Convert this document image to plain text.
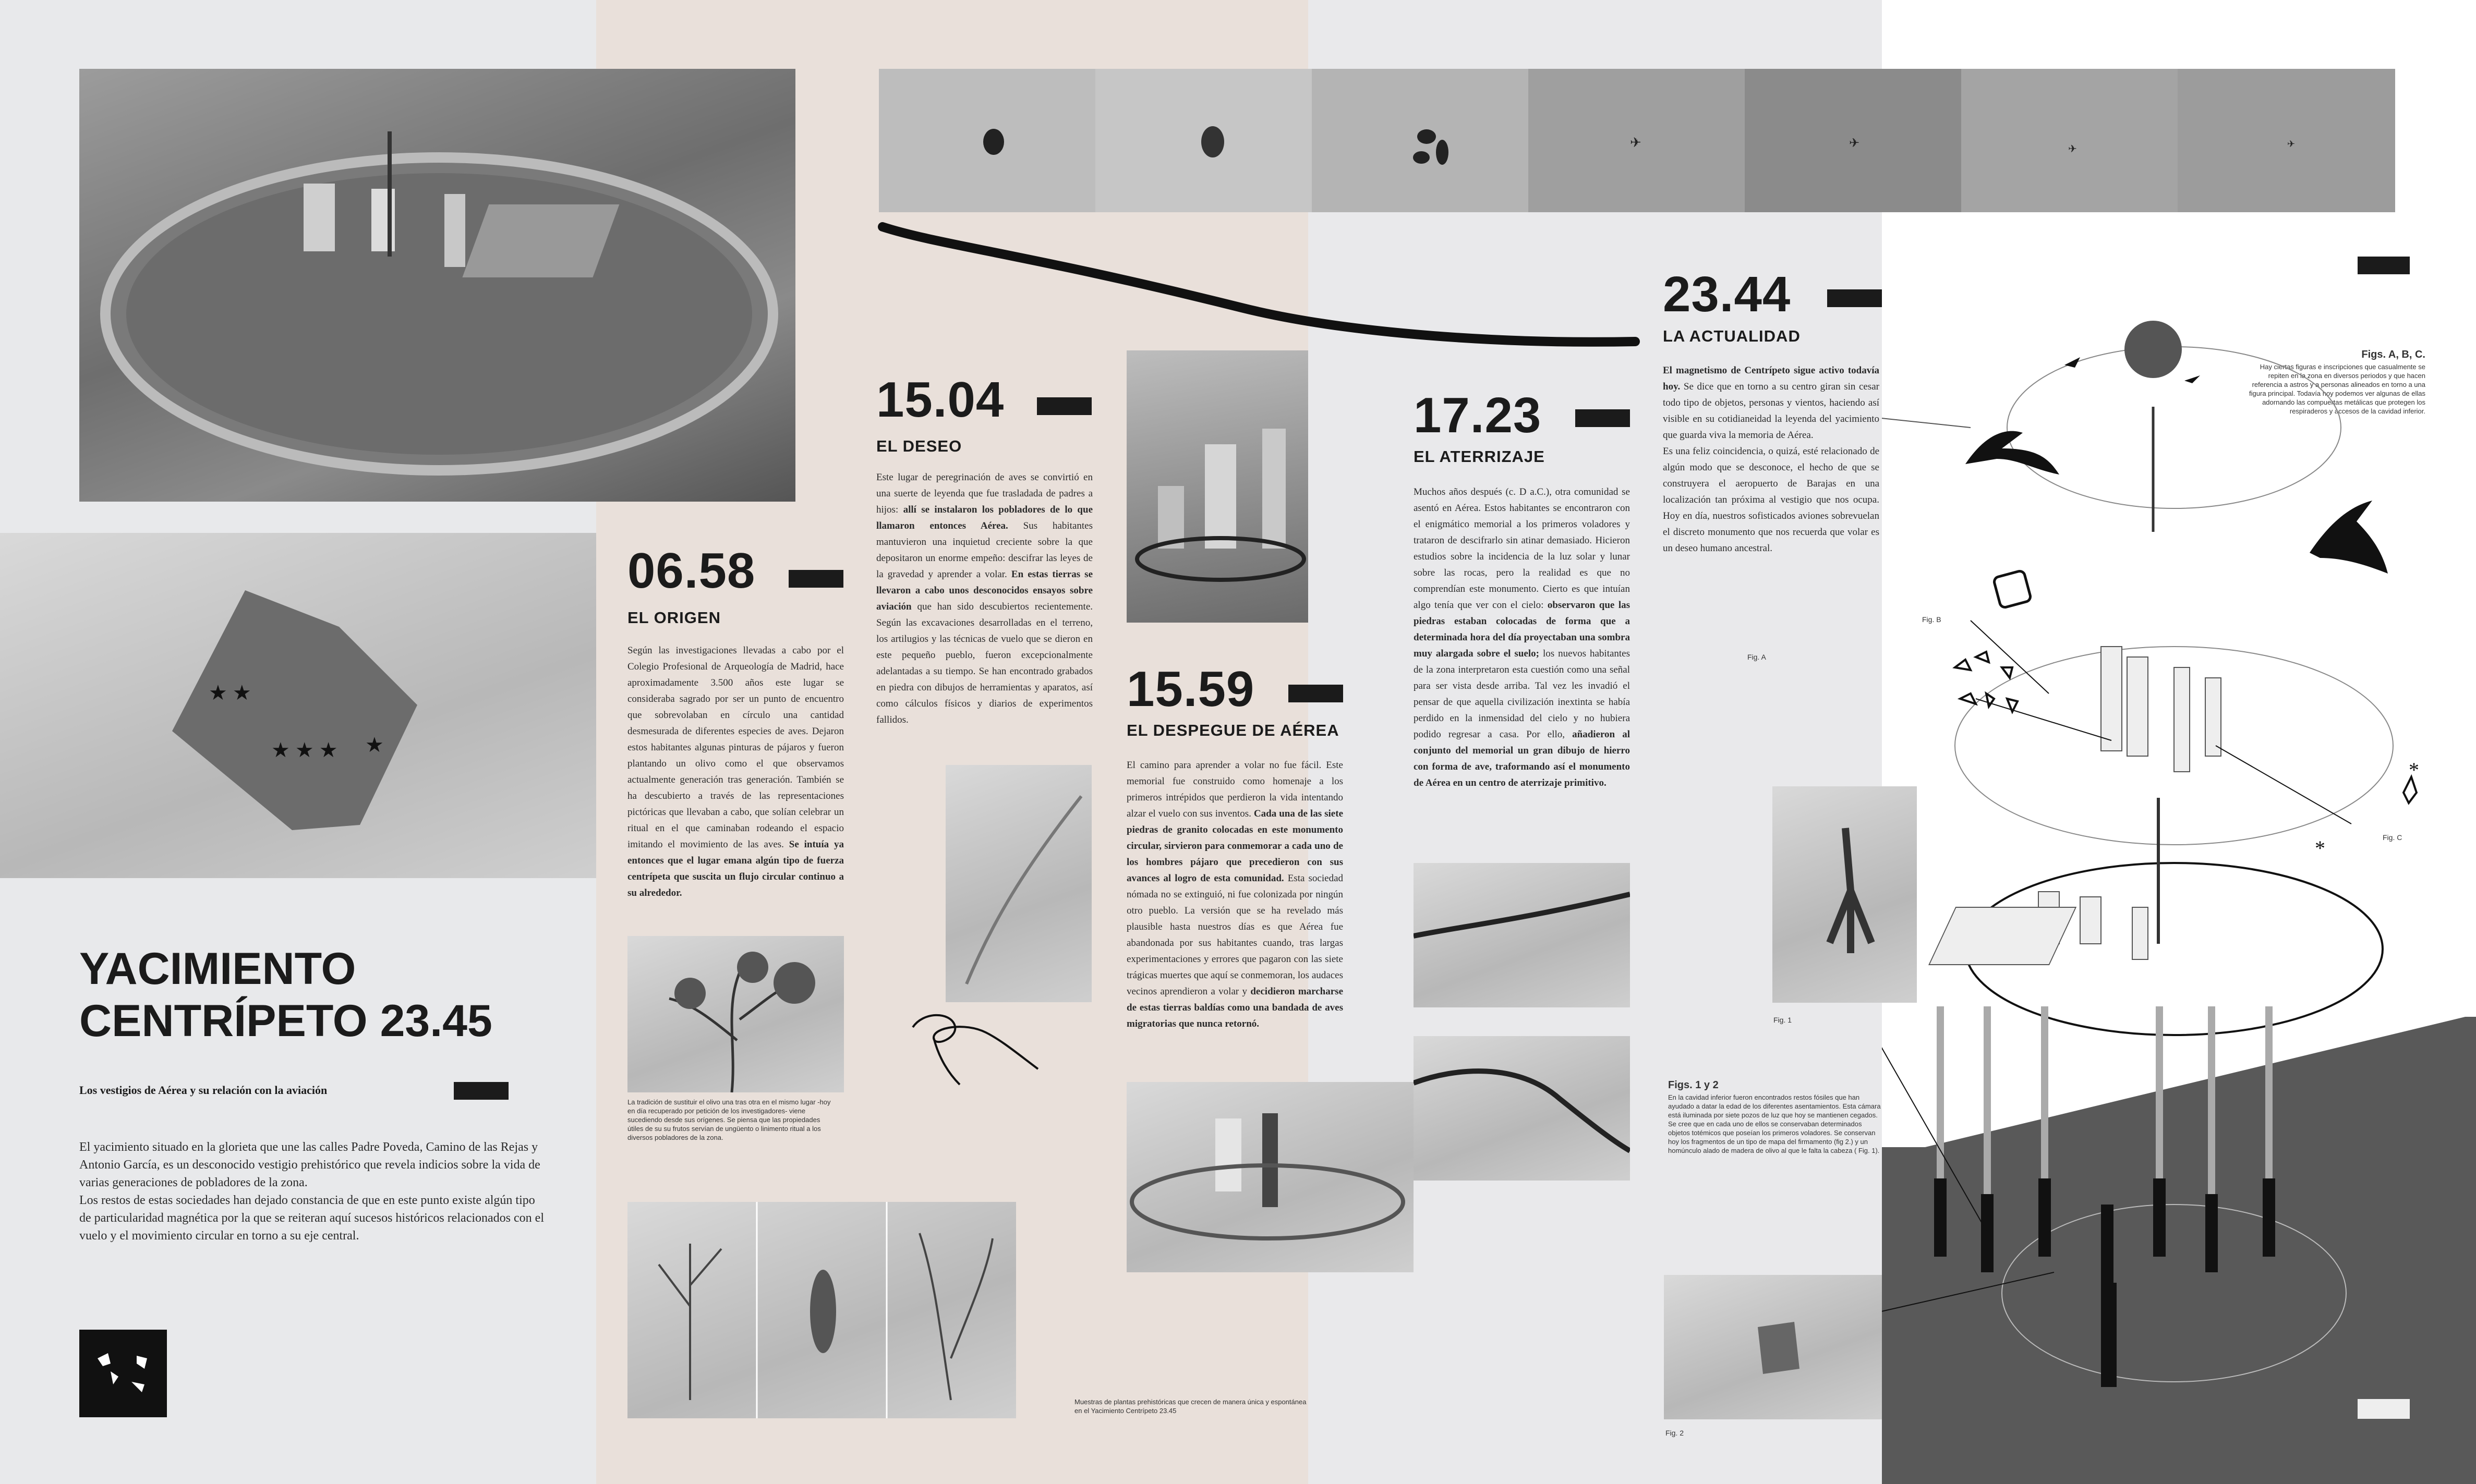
★ ★
★ ★ ★ ★
YACIMIENTO
CENTRÍPETO 23.45
Los vestigios de Aérea y su relación con la aviación

El yacimiento situado en la glorieta que une las calles Padre Poveda, Camino de las Rejas y Antonio García, es un desconocido vestigio prehistórico que revela indicios sobre la vida de varias generaciones de pobladores de la zona.

Los restos de estas sociedades han dejado constancia de que en este punto existe algún tipo de particularidad magnética por la que se reiteran aquí sucesos históricos relacionados con el vuelo y el movimiento circular en torno a su eje central.

✈	✈	✈	✈
06.58
EL ORIGEN
Según las investigaciones llevadas a cabo por el Colegio Profesional de Arqueología de Madrid, hace aproximadamente 3.500 años este lugar se consideraba sagrado por ser un punto de encuentro que sobrevolaban en círculo una cantidad desmesurada de diferentes especies de aves. Dejaron estos habitantes algunas pinturas de pájaros y fueron plantando un olivo como el que observamos actualmente generación tras generación. También se ha descubierto a través de las representaciones pictóricas que llevaban a cabo, que solían celebrar un ritual en el que caminaban rodeando el espacio imitando el movimiento de las aves. Se intuía ya entonces que el lugar emana algún tipo de fuerza centrípeta que suscita un flujo circular continuo a su alrededor.
La tradición de sustituir el olivo una tras otra en el mismo lugar -hoy en día recuperado por petición de los investigadores- viene sucediendo desde sus orígenes. Se piensa que las propiedades útiles de su su frutos servían de ungüento o linimento ritual a los diversos pobladores de la zona.
Muestras de plantas prehistóricas que crecen de manera única y espontánea en el Yacimiento Centrípeto 23.45
15.04
EL DESEO
Este lugar de peregrinación de aves se convirtió en una suerte de leyenda que fue trasladada de padres a hijos: allí se instalaron los pobladores de lo que llamaron entonces Aérea. Sus habitantes mantuvieron una inquietud creciente sobre la que depositaron un enorme empeño: descifrar las leyes de la gravedad y aprender a volar. En estas tierras se llevaron a cabo unos desconocidos ensayos sobre aviación que han sido descubiertos recientemente. Según las excavaciones desarrolladas en el terreno, los artilugios y las técnicas de vuelo que se dieron en este pequeño pueblo, fueron excepcionalmente adelantadas a su tiempo. Se han encontrado grabados en piedra con dibujos de herramientas y aparatos, así como cálculos físicos y diarios de experimentos fallidos.
15.59
EL DESPEGUE DE AÉREA
El camino para aprender a volar no fue fácil. Este memorial fue construido como homenaje a los primeros intrépidos que perdieron la vida intentando alzar el vuelo con sus inventos. Cada una de las siete piedras de granito colocadas en este monumento circular, sirvieron para conmemorar a cada uno de los hombres pájaro que precedieron con sus avances al logro de esta comunidad. Esta sociedad nómada no se extinguió, ni fue colonizada por ningún otro pueblo. La versión que se ha revelado más plausible hasta nuestros días es que Aérea fue abandonada por sus habitantes cuando, tras largas experimentaciones y errores que pagaron con las siete trágicas muertes que aquí se conmemoran, los audaces vecinos aprendieron a volar y decidieron marcharse de estas tierras baldías como una bandada de aves migratorias que nunca retornó.
17.23
EL ATERRIZAJE
Muchos años después (c. D a.C.), otra comunidad se asentó en Aérea. Estos habitantes se encontraron con el enigmático memorial a los primeros voladores y trataron de descifrarlo sin atinar demasiado. Hicieron estudios sobre la incidencia de la luz solar y lunar sobre las rocas, pero la realidad es que no comprendían este monumento. Cierto es que intuían algo tenía que ver con el cielo: observaron que las piedras estaban colocadas de forma que a determinada hora del día proyectaban una sombra muy alargada sobre el suelo; los nuevos habitantes de la zona interpretaron esta cuestión como una señal para ser vista desde arriba. Tal vez les invadió el pensar de que aquella civilización inextinta se había perdido en la inmensidad del cielo y no hubiera podido regresar a casa. Por ello, añadieron al conjunto del memorial un gran dibujo de hierro con forma de ave, traformando así el monumento de Aérea en un centro de aterrizaje primitivo.
23.44
LA ACTUALIDAD
El magnetismo de Centrípeto sigue activo todavía hoy. Se dice que en torno a su centro giran sin cesar todo tipo de objetos, personas y vientos, haciendo así visible en su cotidianeidad la leyenda del yacimiento que guarda viva la memoria de Aérea.

Es una feliz coincidencia, o quizá, esté relacionado de algún modo que se desconoce, el hecho de que se construyera el aeropuerto de Barajas en una localización tan próxima al vestigio que nos ocupa. Hoy en día, nuestros sofisticados aviones sobrevuelan el discreto monumento que nos recuerda que volar es un deseo humano ancestral.

Fig. 1
Figs. 1 y 2
En la cavidad inferior fueron encontrados restos fósiles que han ayudado a datar la edad de los diferentes asentamientos. Esta cámara está iluminada por siete pozos de luz que hoy se mantienen cegados. Se cree que en cada uno de ellos se conservaban determinados objetos totémicos que poseían los primeros voladores. Se conservan hoy los fragmentos de un tipo de mapa del firmamento (fig 2.) y un homúnculo alado de madera de olivo al que le falta la cabeza ( Fig. 1).
Fig. 2
Figs. A, B, C.
Hay ciertas figuras e inscripciones que casualmente se repiten en la zona en diversos periodos y que hacen referencia a astros y a personas alineados en torno a una figura principal. Todavía hoy podemos ver algunas de ellas adornando las compuertas metálicas que protegen los respiraderos y accesos de la cavidad inferior.
*
*
Fig. A
Fig. B
Fig. C
